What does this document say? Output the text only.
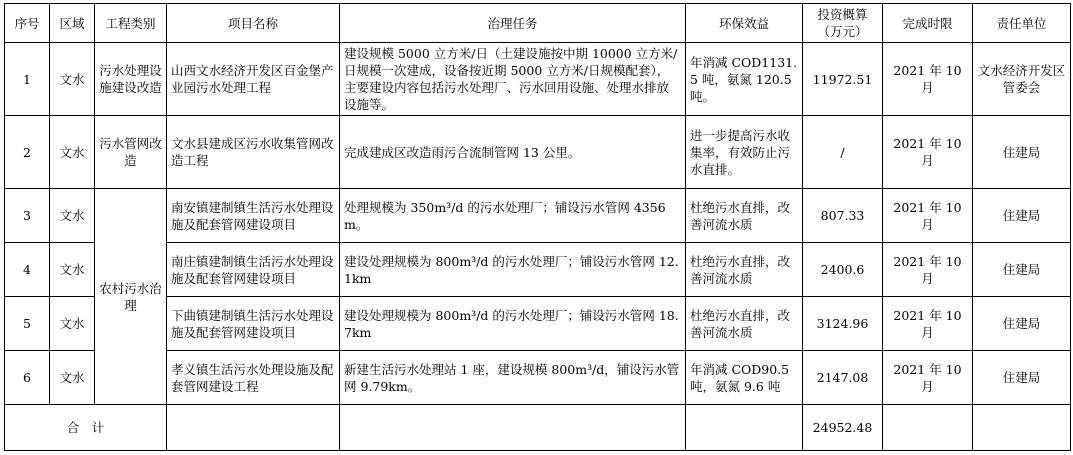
序号	区域	工程类别	项目名称	治理任务	环保效益	投资概算（万元）	完成时限	责任单位
1	文水	污水处理设施建设改造	山西文水经济开发区百金堡产业园污水处理工程	建设规模 5000 立方米/日（土建设施按中期 10000 立方米/日规模一次建成，设备按近期 5000 立方米/日规模配套），主要建设内容包括污水处理厂、污水回用设施、处理水排放设施等。	年消减 COD1131.5 吨，氨氮 120.5 吨。	11972.51	2021 年 10 月	文水经济开发区管委会
2	文水	污水管网改造	文水县建成区污水收集管网改造工程	完成建成区改造雨污合流制管网 13 公里。	进一步提高污水收集率，有效防止污水直排。	/	2021 年 10 月	住建局
3	文水	农村污水治理	南安镇建制镇生活污水处理设施及配套管网建设项目	处理规模为 350m³/d 的污水处理厂；铺设污水管网 4356m。	杜绝污水直排，改善河流水质	807.33	2021 年 10 月	住建局
4	文水		南庄镇建制镇生活污水处理设施及配套管网建设项目	建设处理规模为 800m³/d 的污水处理厂；铺设污水管网 12.1km	杜绝污水直排，改善河流水质	2400.6	2021 年 10 月	住建局
5	文水		下曲镇建制镇生活污水处理设施及配套管网建设项目	建设处理规模为 800m³/d 的污水处理厂；铺设污水管网 18.7km	杜绝污水直排，改善河流水质	3124.96	2021 年 10 月	住建局
6	文水		孝义镇生活污水处理设施及配套管网建设工程	新建生活污水处理站 1 座，建设规模 800m³/d，铺设污水管网 9.79km。	年消减 COD90.5 吨，氨氮 9.6 吨	2147.08	2021 年 10 月	住建局
合　计						24952.48		
